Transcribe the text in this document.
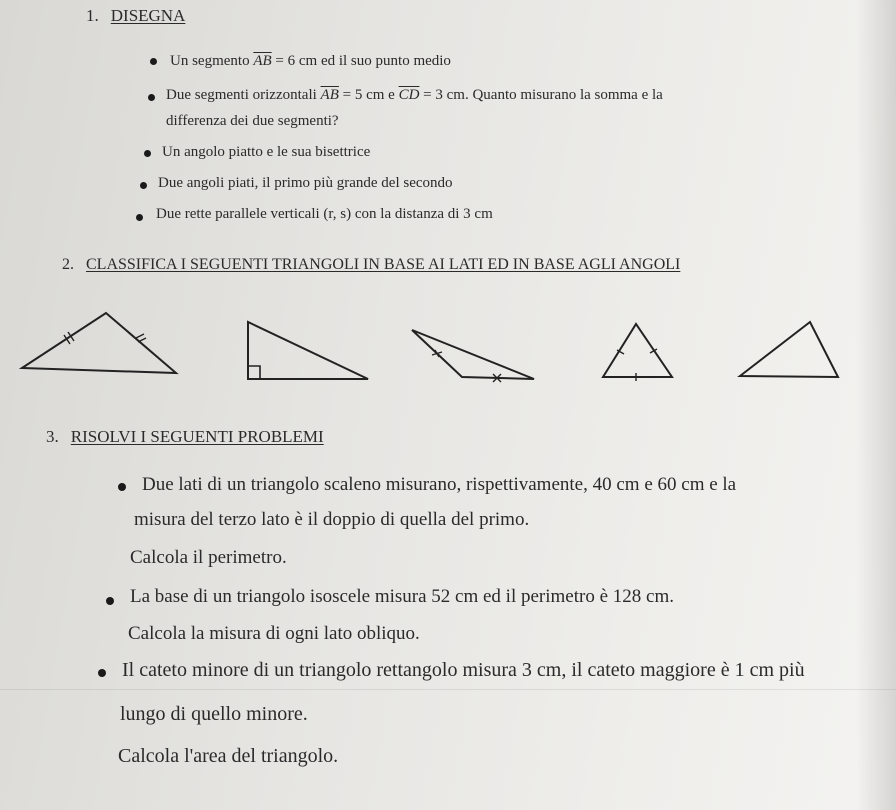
1. DISEGNA
Un segmento $\overline{AB} = 6$ cm ed il suo punto medio
Due segmenti orizzontali $\overline{AB} = 5$ cm e $\overline{CD} = 3$ cm. Quanto misurano la somma e la
differenza dei due segmenti?
Un angolo piatto e le sua bisettrice
Due angoli piati, il primo più grande del secondo
Due rette parallele verticali (r, s) con la distanza di 3 cm
2. CLASSIFICA I SEGUENTI TRIANGOLI IN BASE AI LATI ED IN BASE AGLI ANGOLI
3. RISOLVI I SEGUENTI PROBLEMI
Due lati di un triangolo scaleno misurano, rispettivamente, 40 cm e 60 cm e la
misura del terzo lato è il doppio di quella del primo.
Calcola il perimetro.
La base di un triangolo isoscele misura 52 cm ed il perimetro è 128 cm.
Calcola la misura di ogni lato obliquo.
Il cateto minore di un triangolo rettangolo misura 3 cm, il cateto maggiore è 1 cm più
lungo di quello minore.
Calcola l'area del triangolo.
